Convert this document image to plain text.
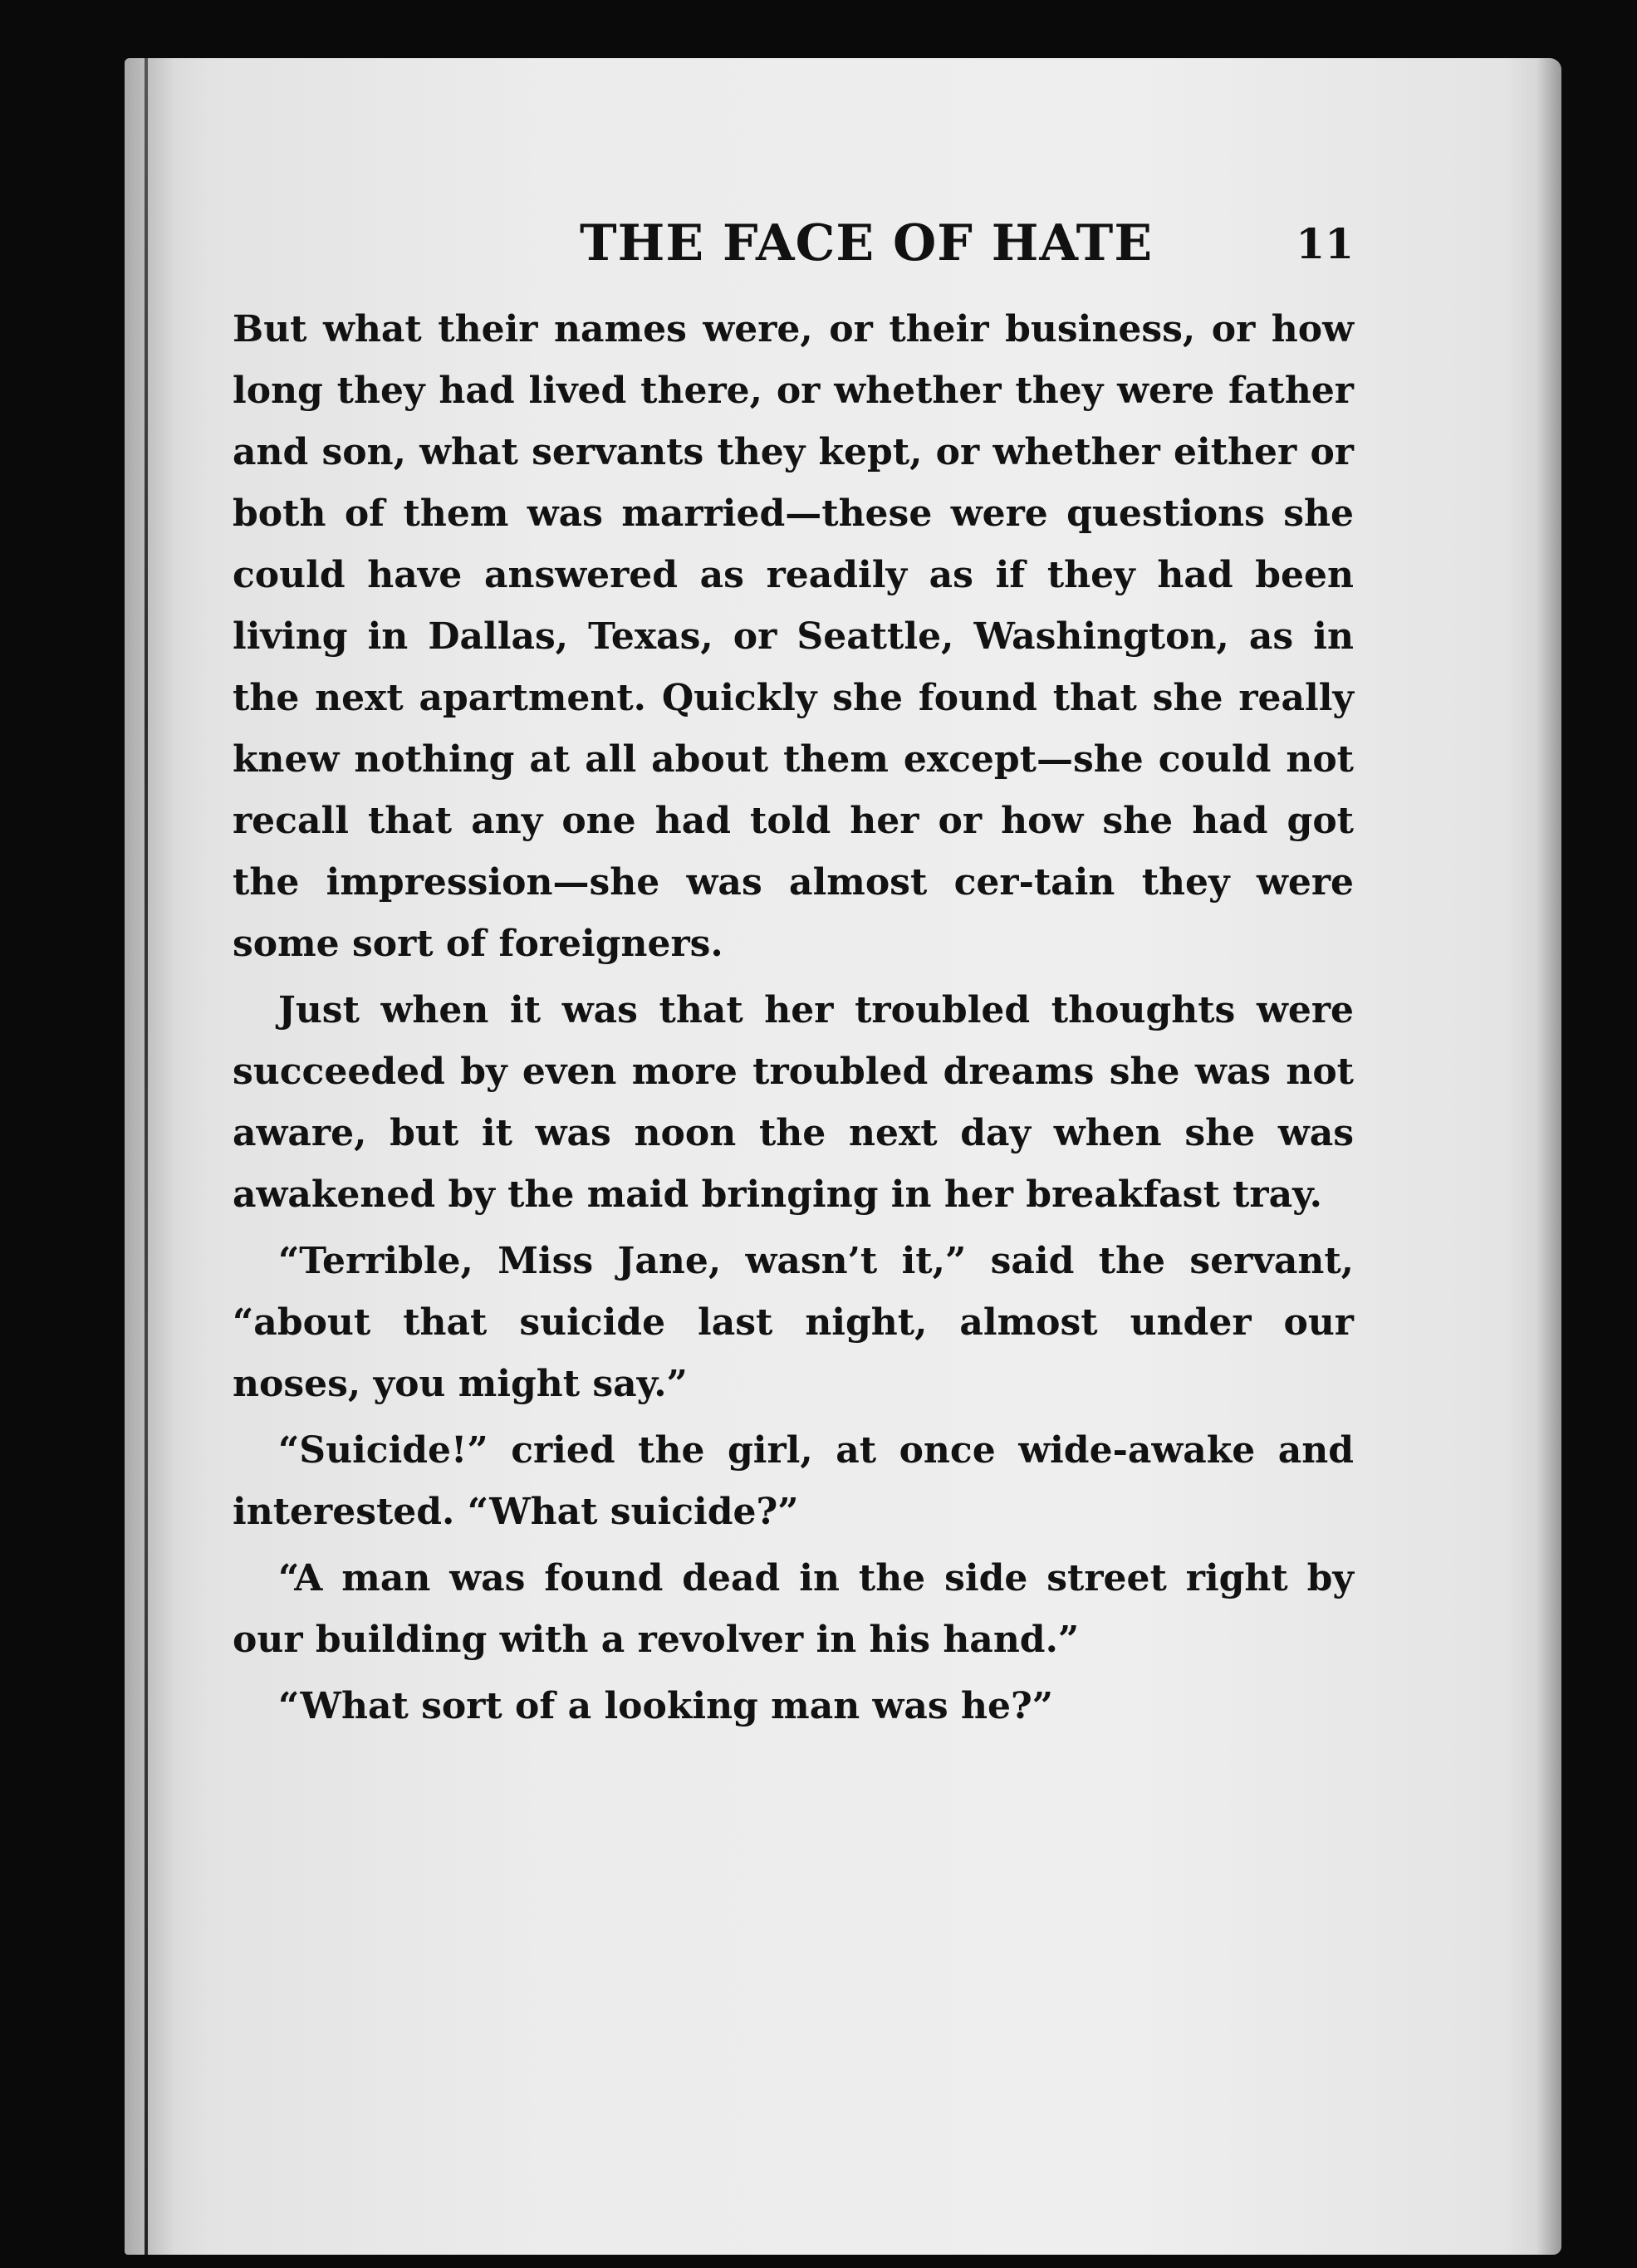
THE FACE OF HATE	11

But what their names were, or their business, or how long they had lived there, or whether they were father and son, what servants they kept, or whether either or both of them was married—these were questions she could have answered as readily as if they had been living in Dallas, Texas, or Seattle, Washington, as in the next apartment. Quickly she found that she really knew nothing at all about them except—she could not recall that any one had told her or how she had got the impression—she was almost cer-tain they were some sort of foreigners.

Just when it was that her troubled thoughts were succeeded by even more troubled dreams she was not aware, but it was noon the next day when she was awakened by the maid bringing in her breakfast tray.

“Terrible, Miss Jane, wasn’t it,” said the servant, “about that suicide last night, almost under our noses, you might say.”

“Suicide!” cried the girl, at once wide-awake and interested. “What suicide?”

“A man was found dead in the side street right by our building with a revolver in his hand.”

“What sort of a looking man was he?”
